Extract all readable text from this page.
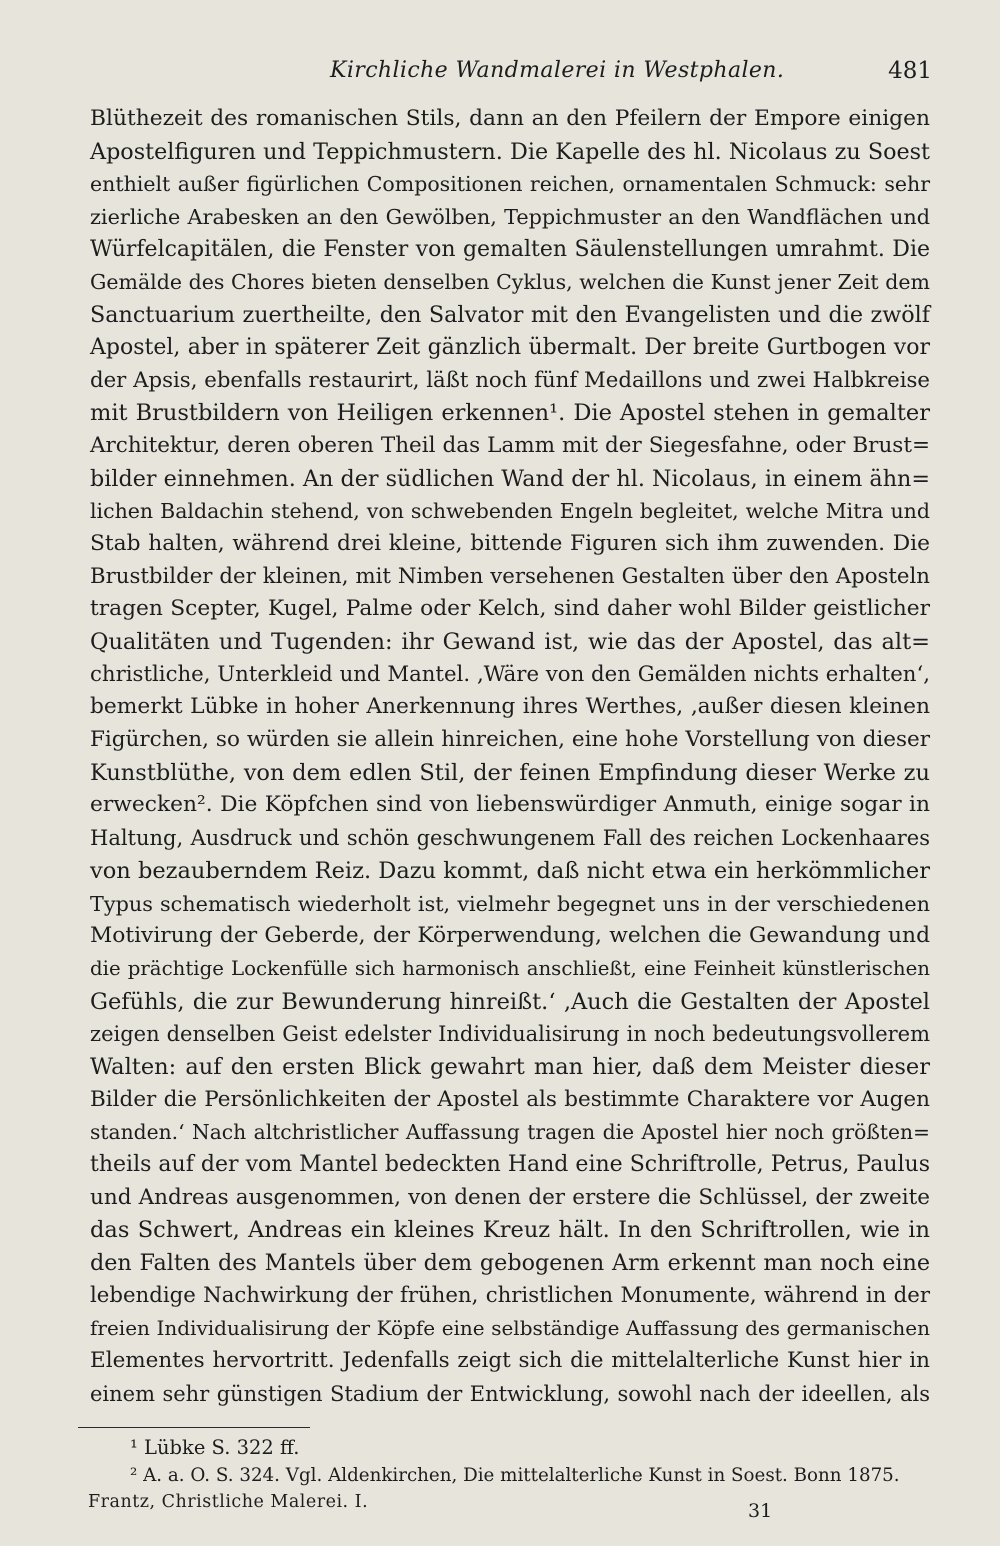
Kirchliche Wandmalerei in Westphalen.	481
Blüthezeit des romanischen Stils, dann an den Pfeilern der Empore einigen
Apostelfiguren und Teppichmustern. Die Kapelle des hl. Nicolaus zu Soest
enthielt außer figürlichen Compositionen reichen, ornamentalen Schmuck: sehr
zierliche Arabesken an den Gewölben, Teppichmuster an den Wandflächen und
Würfelcapitälen, die Fenster von gemalten Säulenstellungen umrahmt. Die
Gemälde des Chores bieten denselben Cyklus, welchen die Kunst jener Zeit dem
Sanctuarium zuertheilte, den Salvator mit den Evangelisten und die zwölf
Apostel, aber in späterer Zeit gänzlich übermalt. Der breite Gurtbogen vor
der Apsis, ebenfalls restaurirt, läßt noch fünf Medaillons und zwei Halbkreise
mit Brustbildern von Heiligen erkennen¹. Die Apostel stehen in gemalter
Architektur, deren oberen Theil das Lamm mit der Siegesfahne, oder Brust=
bilder einnehmen. An der südlichen Wand der hl. Nicolaus, in einem ähn=
lichen Baldachin stehend, von schwebenden Engeln begleitet, welche Mitra und
Stab halten, während drei kleine, bittende Figuren sich ihm zuwenden. Die
Brustbilder der kleinen, mit Nimben versehenen Gestalten über den Aposteln
tragen Scepter, Kugel, Palme oder Kelch, sind daher wohl Bilder geistlicher
Qualitäten und Tugenden: ihr Gewand ist, wie das der Apostel, das alt=
christliche, Unterkleid und Mantel. ‚Wäre von den Gemälden nichts erhalten‘,
bemerkt Lübke in hoher Anerkennung ihres Werthes, ‚außer diesen kleinen
Figürchen, so würden sie allein hinreichen, eine hohe Vorstellung von dieser
Kunstblüthe, von dem edlen Stil, der feinen Empfindung dieser Werke zu
erwecken². Die Köpfchen sind von liebenswürdiger Anmuth, einige sogar in
Haltung, Ausdruck und schön geschwungenem Fall des reichen Lockenhaares
von bezauberndem Reiz. Dazu kommt, daß nicht etwa ein herkömmlicher
Typus schematisch wiederholt ist, vielmehr begegnet uns in der verschiedenen
Motivirung der Geberde, der Körperwendung, welchen die Gewandung und
die prächtige Lockenfülle sich harmonisch anschließt, eine Feinheit künstlerischen
Gefühls, die zur Bewunderung hinreißt.‘ ‚Auch die Gestalten der Apostel
zeigen denselben Geist edelster Individualisirung in noch bedeutungsvollerem
Walten: auf den ersten Blick gewahrt man hier, daß dem Meister dieser
Bilder die Persönlichkeiten der Apostel als bestimmte Charaktere vor Augen
standen.‘ Nach altchristlicher Auffassung tragen die Apostel hier noch größten=
theils auf der vom Mantel bedeckten Hand eine Schriftrolle, Petrus, Paulus
und Andreas ausgenommen, von denen der erstere die Schlüssel, der zweite
das Schwert, Andreas ein kleines Kreuz hält. In den Schriftrollen, wie in
den Falten des Mantels über dem gebogenen Arm erkennt man noch eine
lebendige Nachwirkung der frühen, christlichen Monumente, während in der
freien Individualisirung der Köpfe eine selbständige Auffassung des germanischen
Elementes hervortritt. Jedenfalls zeigt sich die mittelalterliche Kunst hier in
einem sehr günstigen Stadium der Entwicklung, sowohl nach der ideellen, als
¹ Lübke S. 322 ff.
² A. a. O. S. 324. Vgl. Aldenkirchen, Die mittelalterliche Kunst in Soest. Bonn 1875.
Frantz, Christliche Malerei. I.	31
